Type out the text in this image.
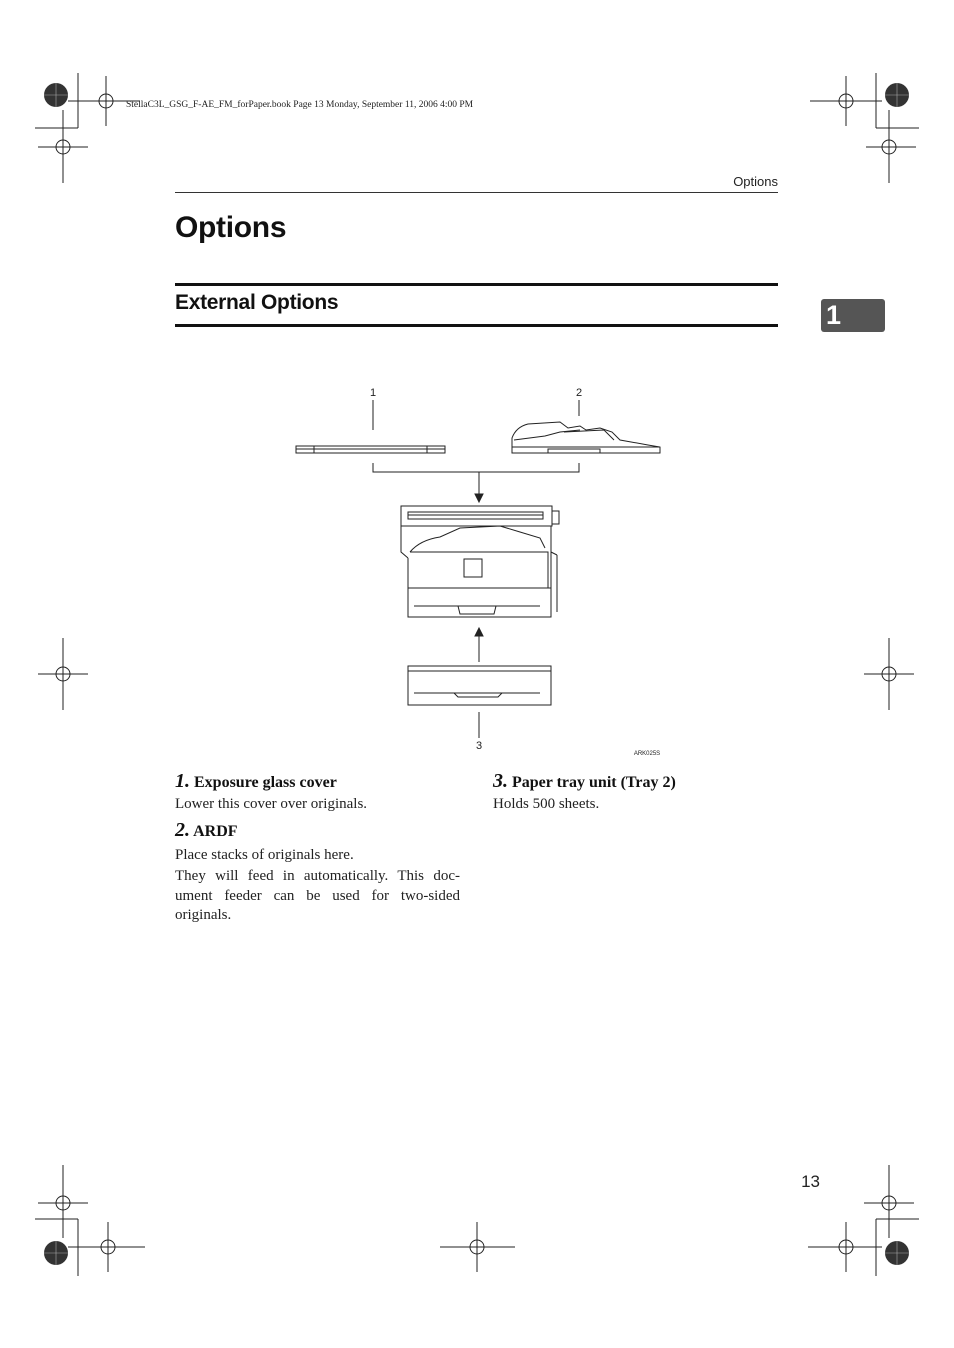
StellaC3L_GSG_F-AE_FM_forPaper.book Page 13 Monday, September 11, 2006 4:00 PM
Options
Options
External Options	1
1	2
3
ARK025S
1. Exposure glass cover
Lower this cover over originals.
2. ARDF
Place stacks of originals here.
They will feed in automatically. This doc-ument feeder can be used for two-sided originals.
3. Paper tray unit (Tray 2)
Holds 500 sheets.
13
